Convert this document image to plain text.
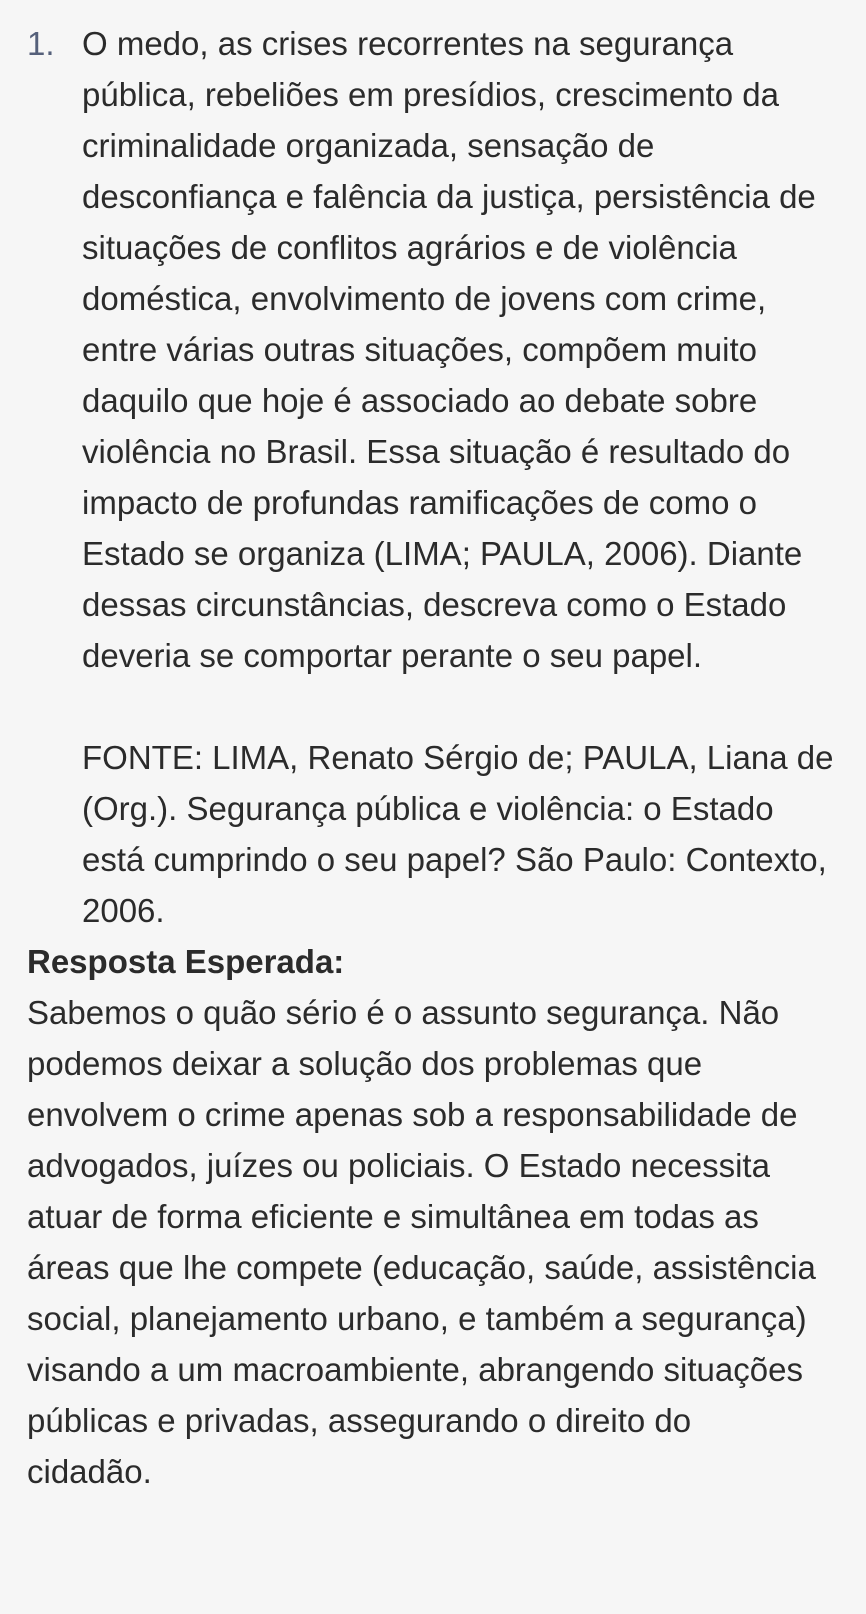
1. O medo, as crises recorrentes na segurança pública, rebeliões em presídios, crescimento da criminalidade organizada, sensação de desconfiança e falência da justiça, persistência de situações de conflitos agrários e de violência doméstica, envolvimento de jovens com crime, entre várias outras situações, compõem muito daquilo que hoje é associado ao debate sobre violência no Brasil. Essa situação é resultado do impacto de profundas ramificações de como o Estado se organiza (LIMA; PAULA, 2006). Diante dessas circunstâncias, descreva como o Estado deveria se comportar perante o seu papel.

FONTE: LIMA, Renato Sérgio de; PAULA, Liana de (Org.). Segurança pública e violência: o Estado está cumprindo o seu papel? São Paulo: Contexto, 2006.

Resposta Esperada:

Sabemos o quão sério é o assunto segurança. Não podemos deixar a solução dos problemas que envolvem o crime apenas sob a responsabilidade de advogados, juízes ou policiais. O Estado necessita atuar de forma eficiente e simultânea em todas as áreas que lhe compete (educação, saúde, assistência social, planejamento urbano, e também a segurança) visando a um macroambiente, abrangendo situações públicas e privadas, assegurando o direito do cidadão.
